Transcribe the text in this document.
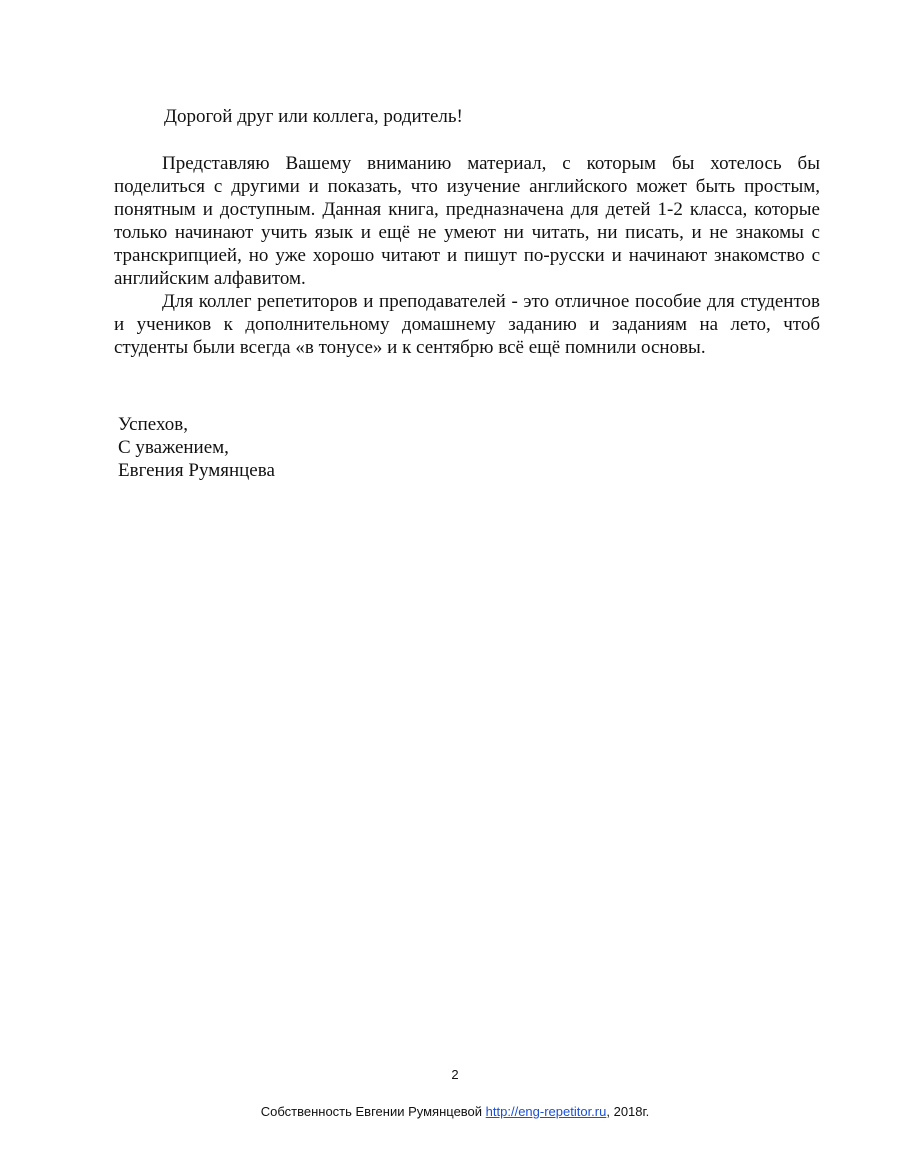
Дорогой друг или коллега, родитель!

Представляю Вашему вниманию материал, с которым бы хотелось бы поделиться с другими и показать, что изучение английского может быть простым, понятным и доступным. Данная книга, предназначена для детей 1-2 класса, которые только начинают учить язык и ещё не умеют ни читать, ни писать, и не знакомы с транскрипцией, но уже хорошо читают и пишут по-русски и начинают знакомство с английским алфавитом.

Для коллег репетиторов и преподавателей - это отличное пособие для студентов и учеников к дополнительному домашнему заданию и заданиям на лето, чтоб студенты были всегда «в тонусе» и к сентябрю всё ещё помнили основы.

Успехов,
С уважением,
Евгения Румянцева
2
Собственность Евгении Румянцевой http://eng-repetitor.ru, 2018г.
